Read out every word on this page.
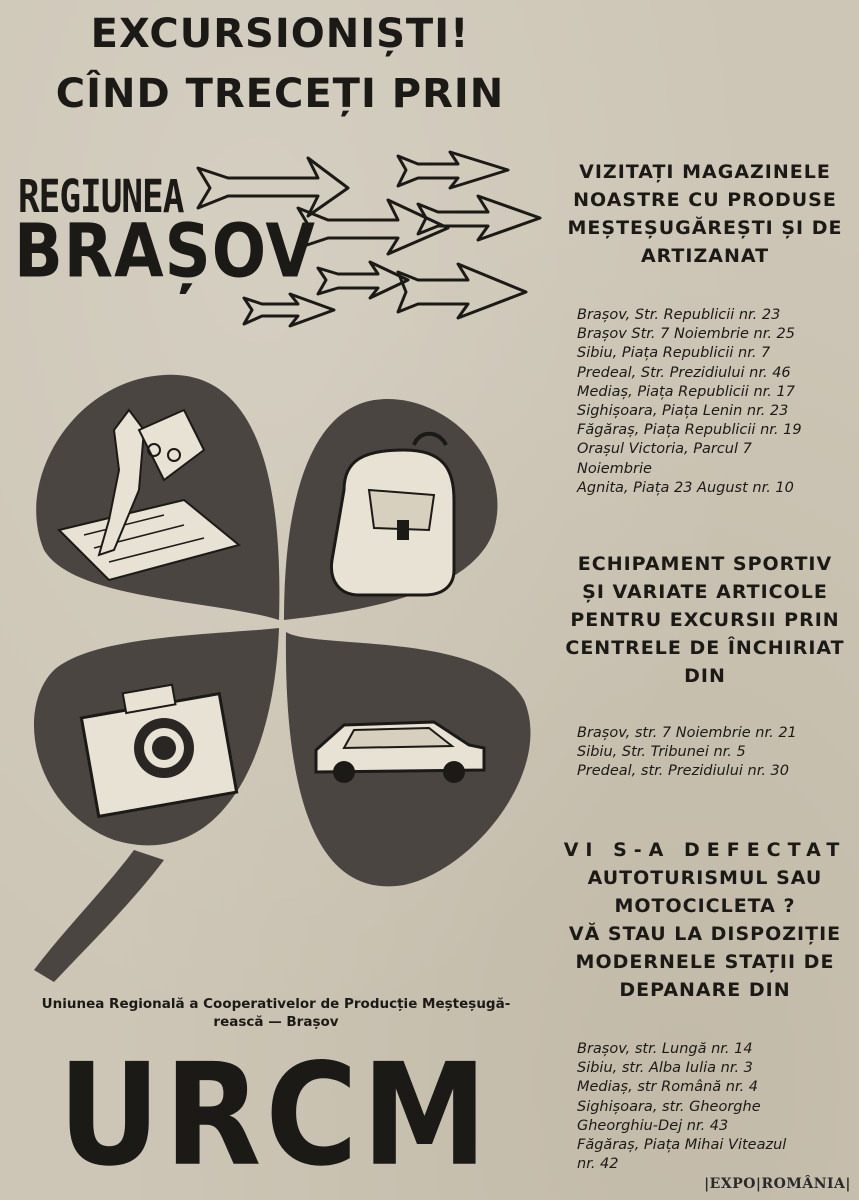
EXCURSIONIȘTI!
CÎND TRECEȚI PRIN
REGIUNEA
BRAȘOV
Uniunea Regională a Cooperativelor de Producție Meșteșugă-
rească — Brașov
URCM
VIZITAȚI MAGAZINELE
NOASTRE CU PRODUSE
MEȘTEȘUGĂREȘTI ȘI DE
ARTIZANAT
Brașov, Str. Republicii nr. 23
Brașov Str. 7 Noiembrie nr. 25
Sibiu, Piața Republicii nr. 7
Predeal, Str. Prezidiului nr. 46
Mediaș, Piața Republicii nr. 17
Sighișoara, Piața Lenin nr. 23
Făgăraș, Piața Republicii nr. 19
Orașul Victoria, Parcul 7
Noiembrie
Agnita, Piața 23 August nr. 10
ECHIPAMENT SPORTIV
ȘI VARIATE ARTICOLE
PENTRU EXCURSII PRIN
CENTRELE DE ÎNCHIRIAT
DIN
Brașov, str. 7 Noiembrie nr. 21
Sibiu, Str. Tribunei nr. 5
Predeal, str. Prezidiului nr. 30
VI S-A DEFECTAT
AUTOTURISMUL SAU
MOTOCICLETA ?
VĂ STAU LA DISPOZIȚIE
MODERNELE STAȚII DE
DEPANARE DIN
Brașov, str. Lungă nr. 14
Sibiu, str. Alba Iulia nr. 3
Mediaș, str Română nr. 4
Sighișoara, str. Gheorghe
Gheorghiu-Dej nr. 43
Făgăraș, Piața Mihai Viteazul
nr. 42
|EXPO|ROMÂNIA|
